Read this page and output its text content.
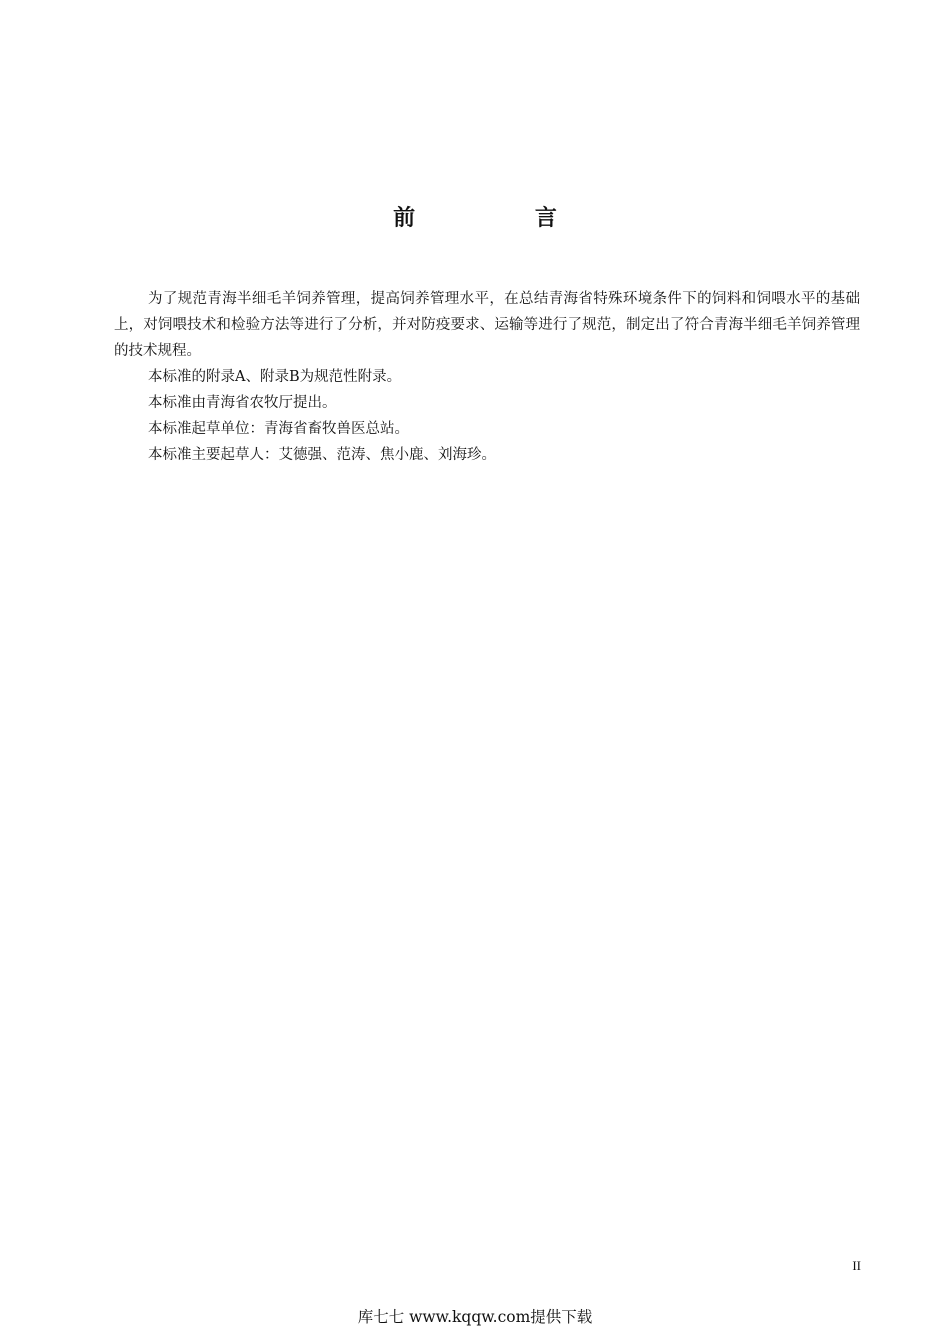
前 言

为了规范青海半细毛羊饲养管理，提高饲养管理水平，在总结青海省特殊环境条件下的饲料和饲喂水平的基础上，对饲喂技术和检验方法等进行了分析，并对防疫要求、运输等进行了规范，制定出了符合青海半细毛羊饲养管理的技术规程。

本标准的附录A、附录B为规范性附录。

本标准由青海省农牧厅提出。

本标准起草单位：青海省畜牧兽医总站。

本标准主要起草人：艾德强、范涛、焦小鹿、刘海珍。

II
库七七 www.kqqw.com提供下载
